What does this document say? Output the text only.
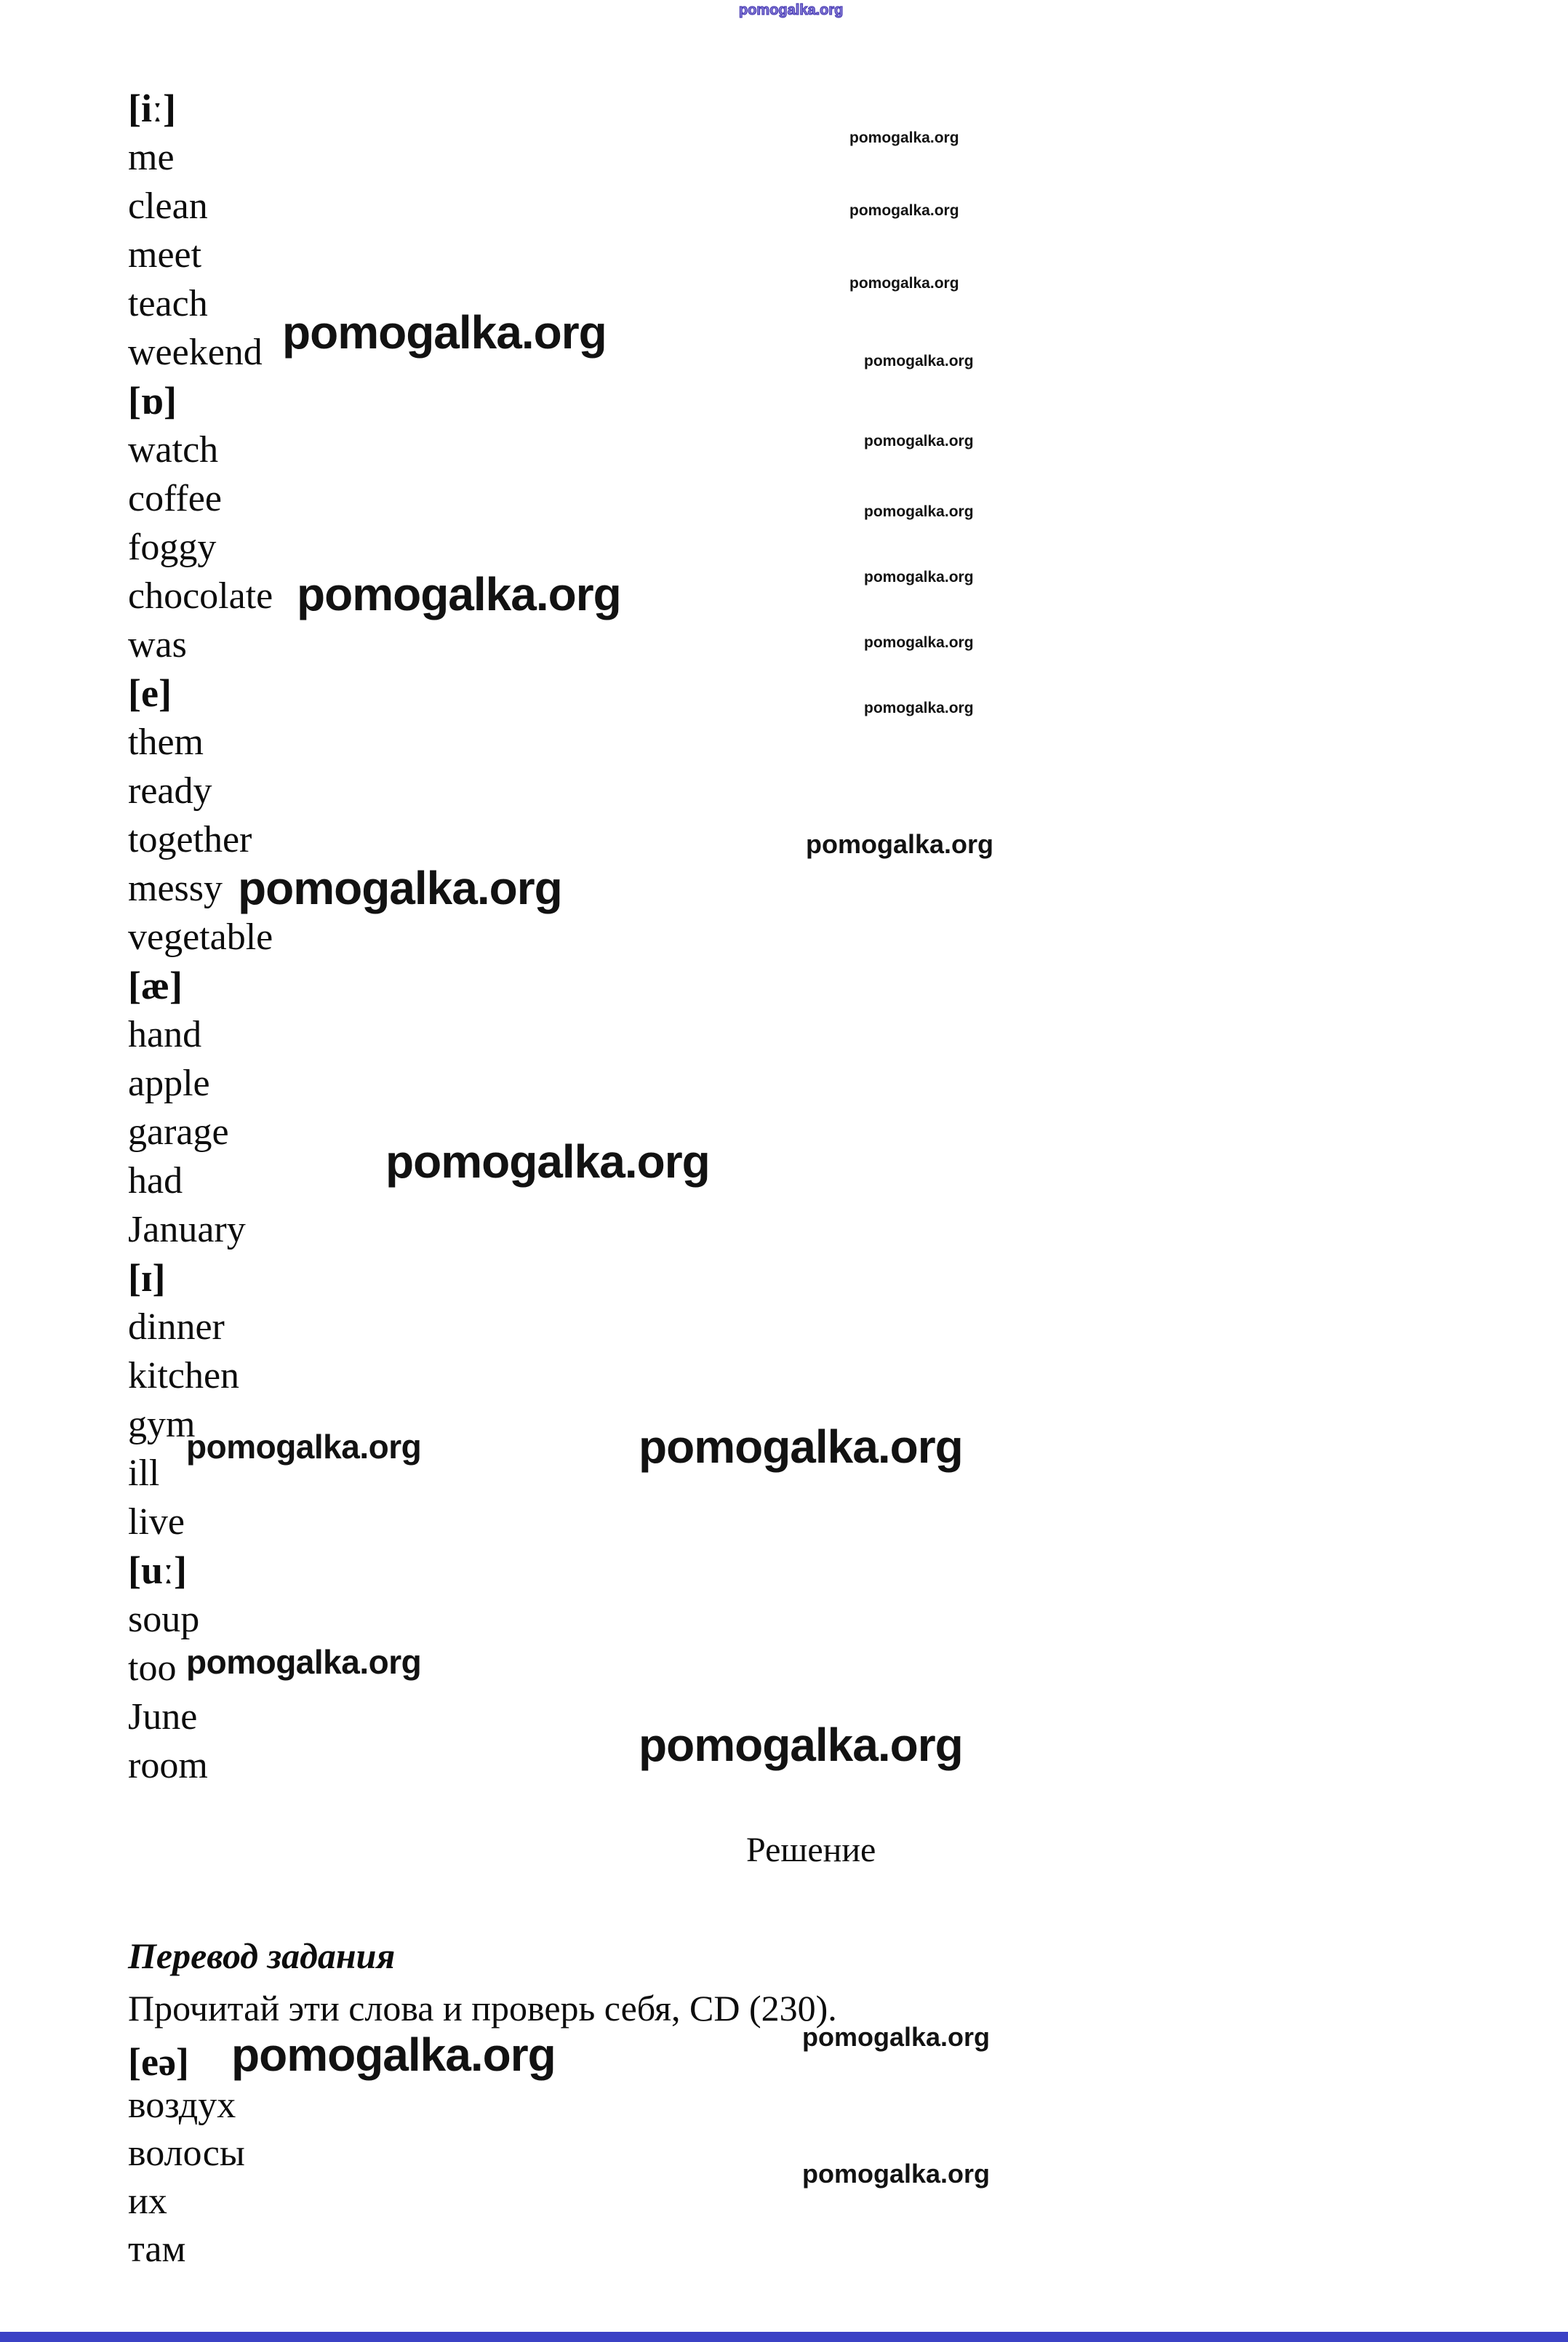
pomogalka.org
[iː]
me
clean
meet
teach
weekend
[ɒ]
watch
coffee
foggy
chocolate
was
[e]
them
ready
together
messy
vegetable
[æ]
hand
apple
garage
had
January
[ɪ]
dinner
kitchen
gym
ill
live
[uː]
soup
too
June
room
pomogalka.org
pomogalka.org
pomogalka.org
pomogalka.org
pomogalka.org
pomogalka.org
pomogalka.org
pomogalka.org
pomogalka.org
pomogalka.org
pomogalka.org
pomogalka.org
pomogalka.org
pomogalka.org
pomogalka.org
pomogalka.org
pomogalka.org
pomogalka.org
pomogalka.org
pomogalka.org
pomogalka.org
Решение
Перевод задания
Прочитай эти слова и проверь себя, CD (230).
[eə]
воздух
волосы
их
там
